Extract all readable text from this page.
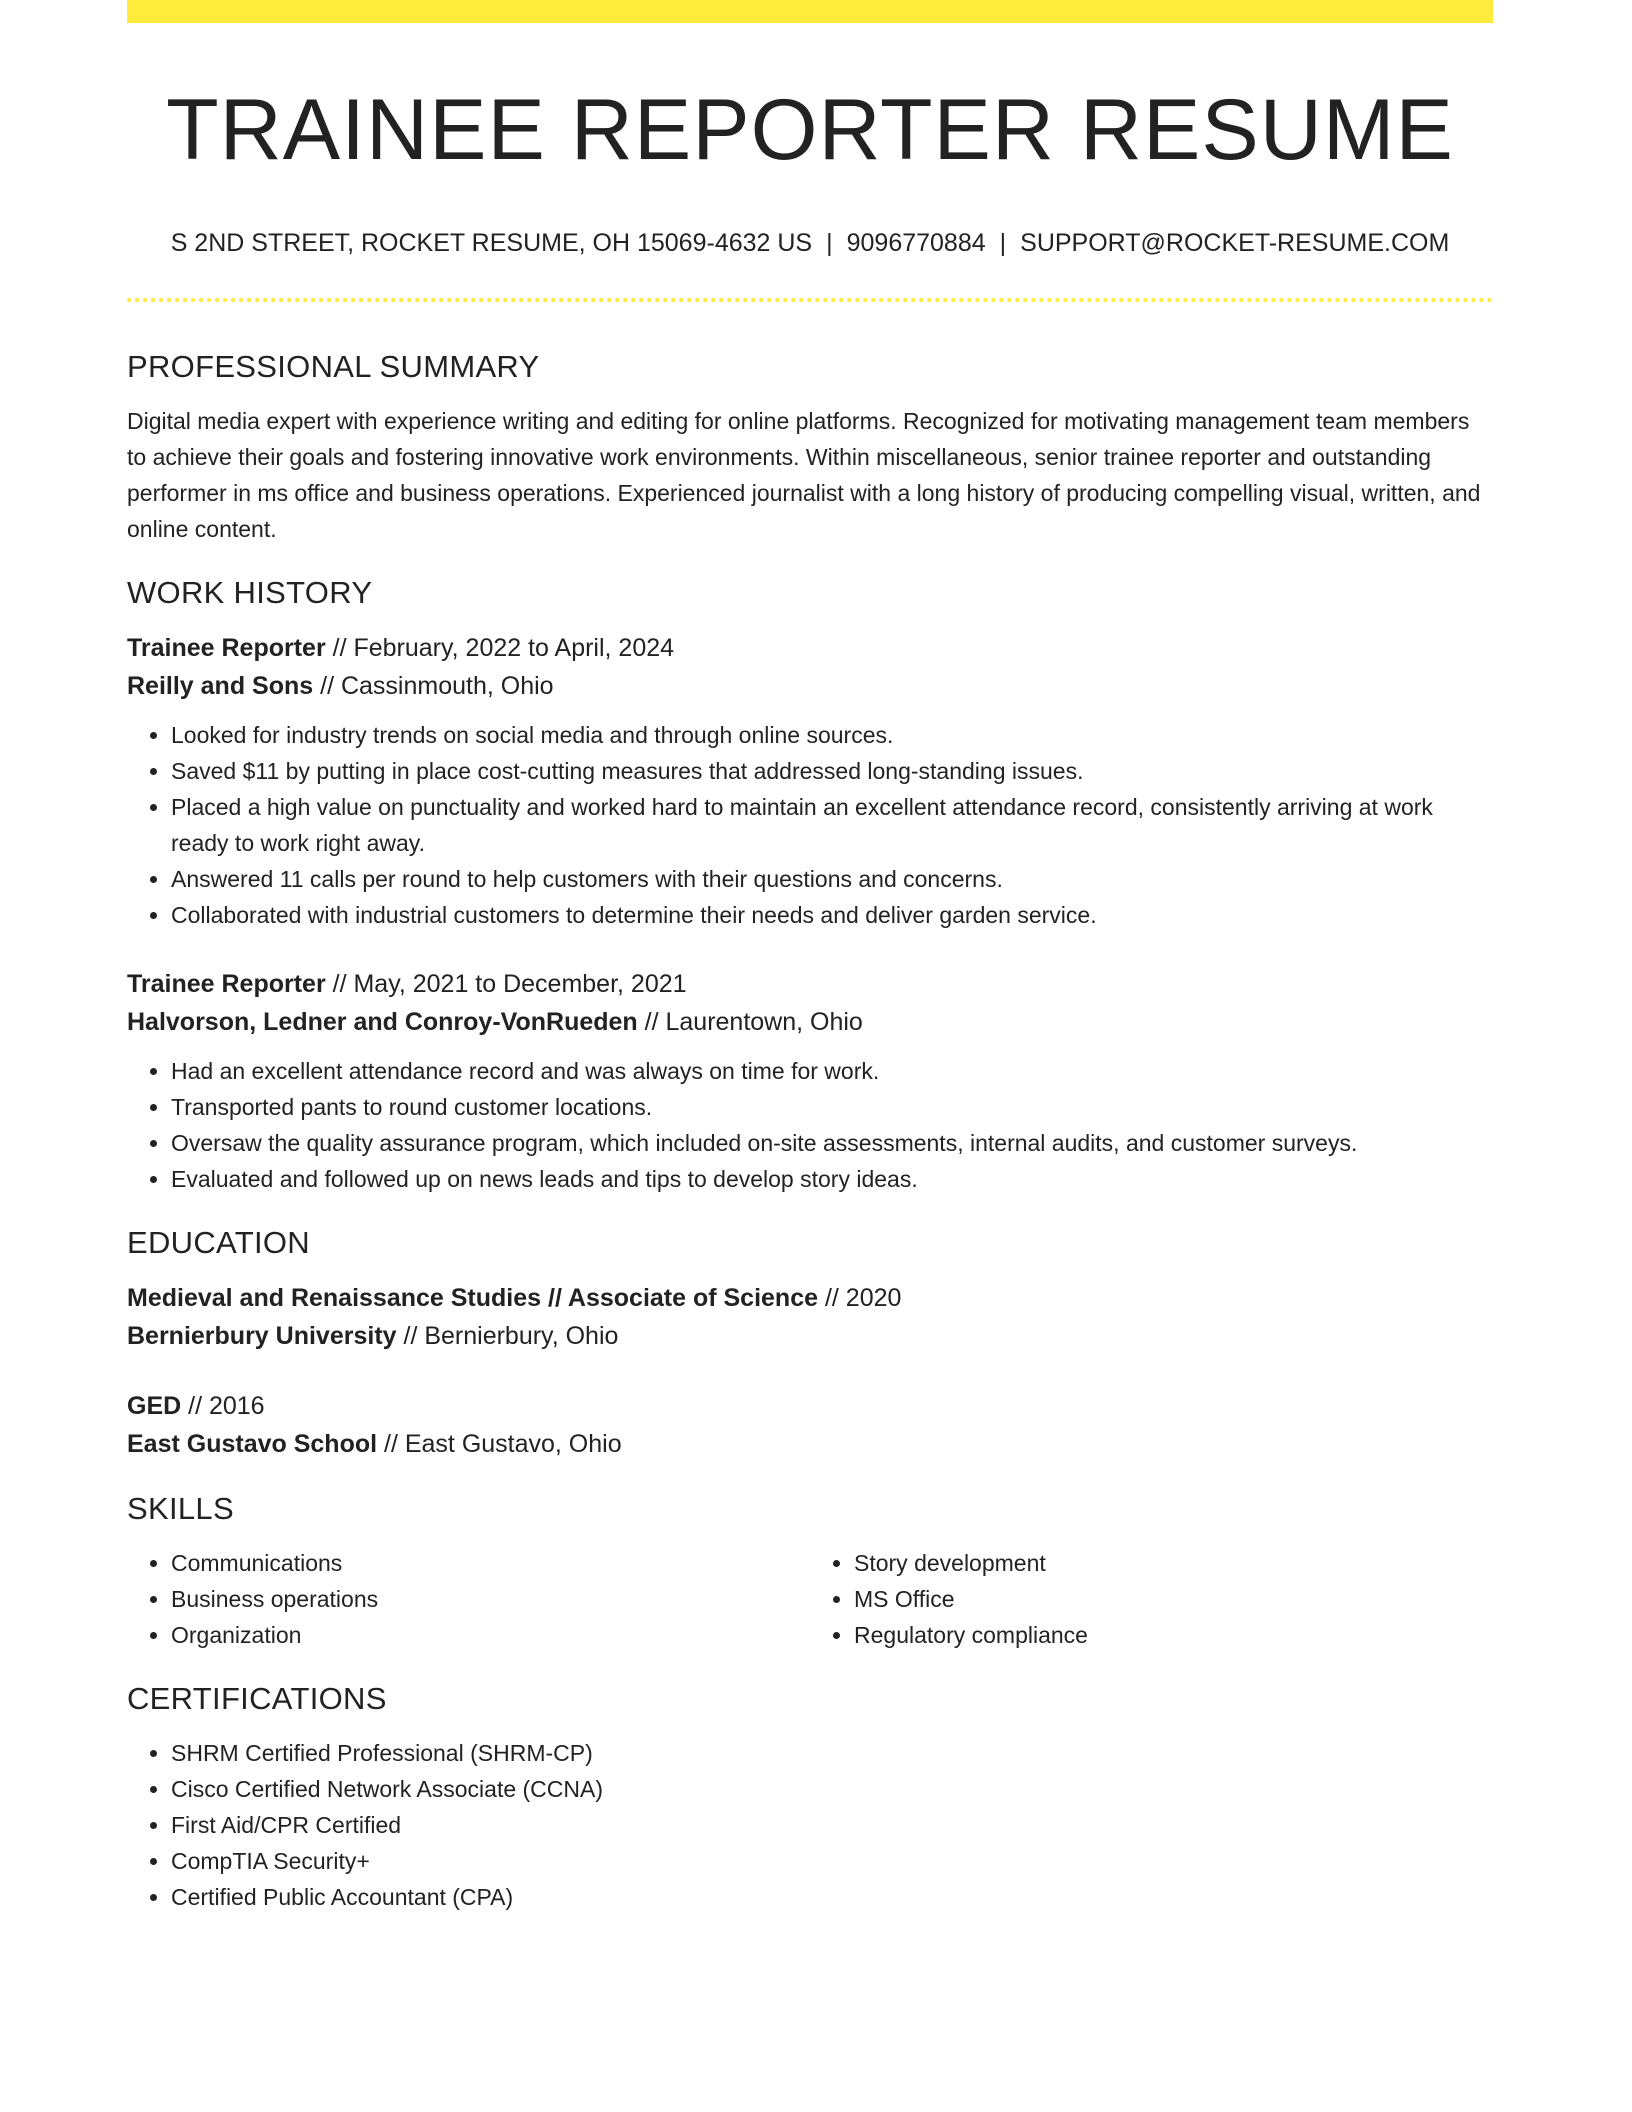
TRAINEE REPORTER RESUME
S 2ND STREET, ROCKET RESUME, OH 15069-4632 US | 9096770884 | SUPPORT@ROCKET-RESUME.COM
PROFESSIONAL SUMMARY

Digital media expert with experience writing and editing for online platforms. Recognized for motivating management team members to achieve their goals and fostering innovative work environments. Within miscellaneous, senior trainee reporter and outstanding performer in ms office and business operations. Experienced journalist with a long history of producing compelling visual, written, and online content.

WORK HISTORY
Trainee Reporter // February, 2022 to April, 2024
Reilly and Sons // Cassinmouth, Ohio
• Looked for industry trends on social media and through online sources.
• Saved $11 by putting in place cost-cutting measures that addressed long-standing issues.
• Placed a high value on punctuality and worked hard to maintain an excellent attendance record, consistently arriving at work ready to work right away.
• Answered 11 calls per round to help customers with their questions and concerns.
• Collaborated with industrial customers to determine their needs and deliver garden service.
Trainee Reporter // May, 2021 to December, 2021
Halvorson, Ledner and Conroy-VonRueden // Laurentown, Ohio
• Had an excellent attendance record and was always on time for work.
• Transported pants to round customer locations.
• Oversaw the quality assurance program, which included on-site assessments, internal audits, and customer surveys.
• Evaluated and followed up on news leads and tips to develop story ideas.
EDUCATION
Medieval and Renaissance Studies // Associate of Science // 2020
Bernierbury University // Bernierbury, Ohio
GED // 2016
East Gustavo School // East Gustavo, Ohio
SKILLS
• Communications
• Business operations
• Organization
• Story development
• MS Office
• Regulatory compliance
CERTIFICATIONS
• SHRM Certified Professional (SHRM-CP)
• Cisco Certified Network Associate (CCNA)
• First Aid/CPR Certified
• CompTIA Security+
• Certified Public Accountant (CPA)
